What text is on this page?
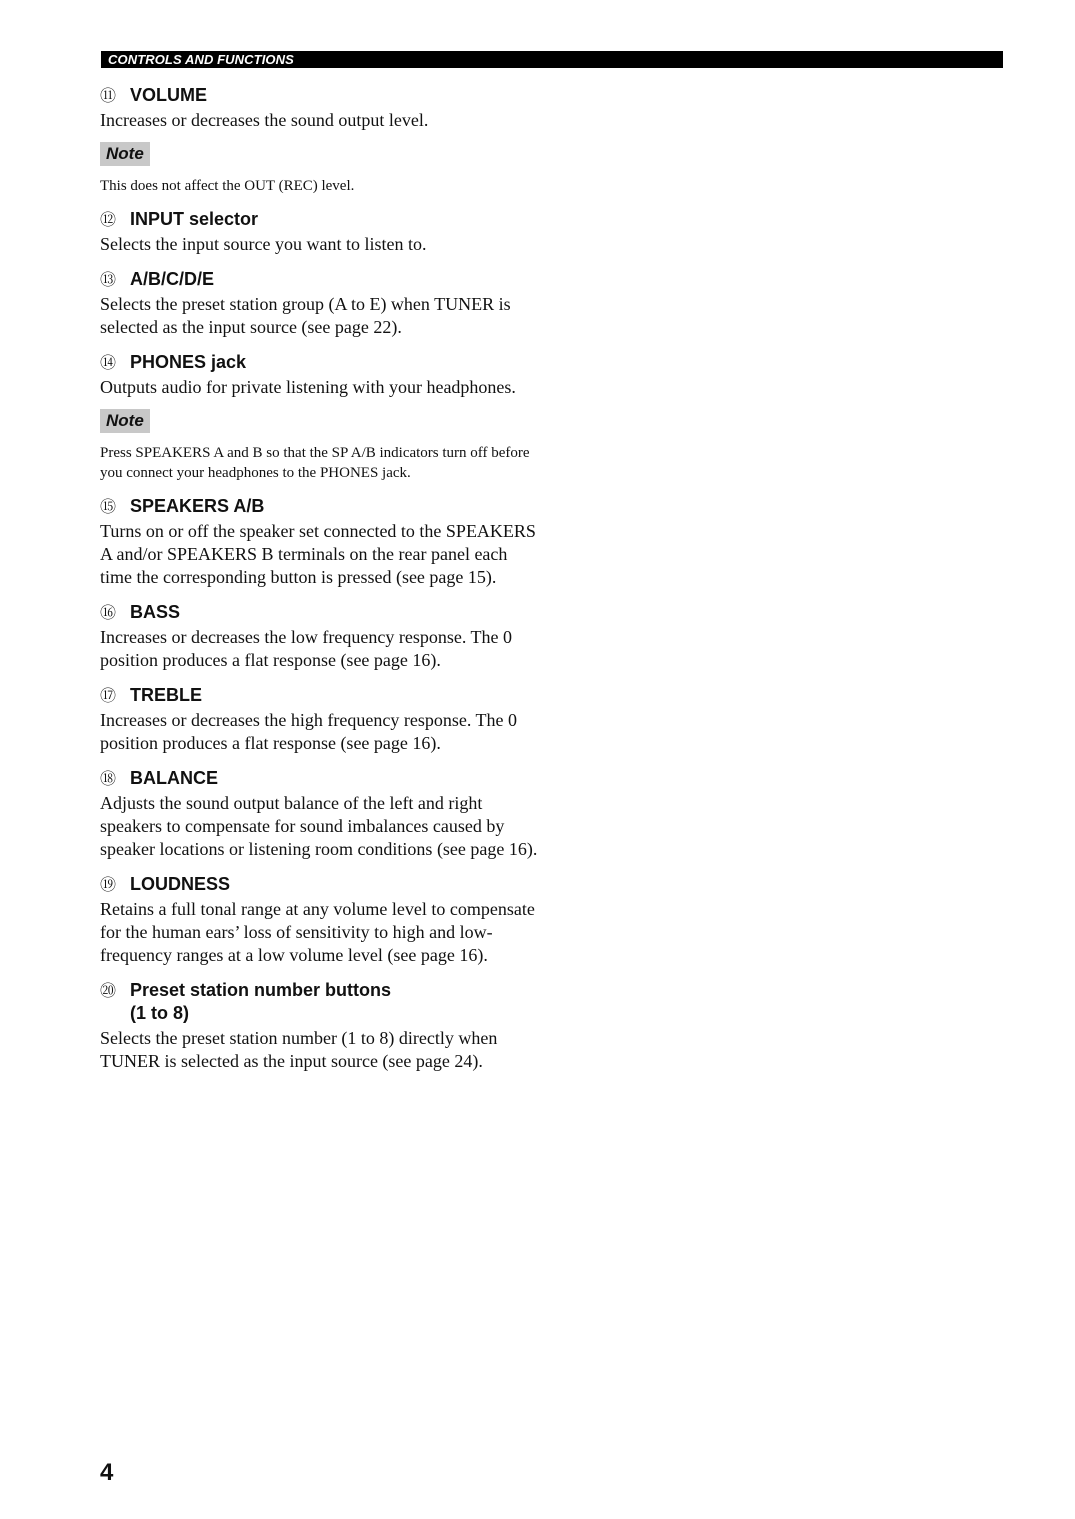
CONTROLS AND FUNCTIONS
⑪ VOLUME

Increases or decreases the sound output level.

Note

This does not affect the OUT (REC) level.

⑫ INPUT selector

Selects the input source you want to listen to.

⑬ A/B/C/D/E

Selects the preset station group (A to E) when TUNER is selected as the input source (see page 22).

⑭ PHONES jack

Outputs audio for private listening with your headphones.

Note

Press SPEAKERS A and B so that the SP A/B indicators turn off before you connect your headphones to the PHONES jack.

⑮ SPEAKERS A/B

Turns on or off the speaker set connected to the SPEAKERS A and/or SPEAKERS B terminals on the rear panel each time the corresponding button is pressed (see page 15).

⑯ BASS

Increases or decreases the low frequency response. The 0 position produces a flat response (see page 16).

⑰ TREBLE

Increases or decreases the high frequency response. The 0 position produces a flat response (see page 16).

⑱ BALANCE

Adjusts the sound output balance of the left and right speakers to compensate for sound imbalances caused by speaker locations or listening room conditions (see page 16).

⑲ LOUDNESS

Retains a full tonal range at any volume level to compensate for the human ears’ loss of sensitivity to high and low-frequency ranges at a low volume level (see page 16).

⑳ Preset station number buttons
(1 to 8)

Selects the preset station number (1 to 8) directly when TUNER is selected as the input source (see page 24).

4
